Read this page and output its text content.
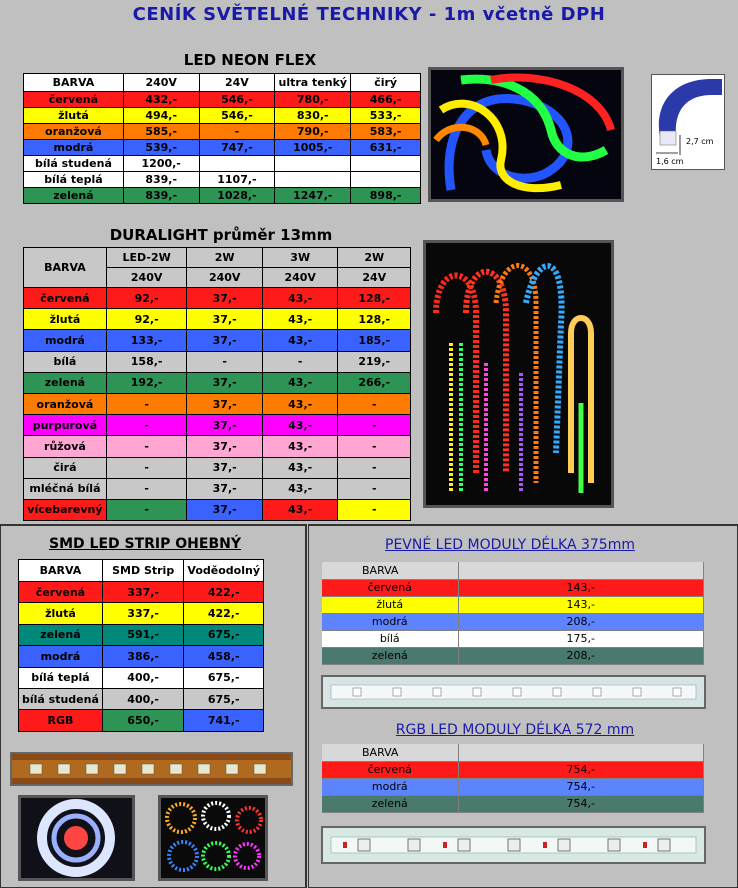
CENÍK SVĚTELNÉ TECHNIKY - 1m včetně DPH
LED NEON FLEX
BARVA	240V	24V	ultra tenký	čirý
červená	432,-	546,-	780,-	466,-
žlutá	494,-	546,-	830,-	533,-
oranžová	585,-	-	790,-	583,-
modrá	539,-	747,-	1005,-	631,-
bílá studená	1200,-			
bílá teplá	839,-	1107,-		
zelená	839,-	1028,-	1247,-	898,-
2,7 cm
1,6 cm
DURALIGHT průměr 13mm
BARVA	LED-2W	2W	3W	2W
	240V	240V	240V	24V
červená	92,-	37,-	43,-	128,-
žlutá	92,-	37,-	43,-	128,-
modrá	133,-	37,-	43,-	185,-
bílá	158,-	-	-	219,-
zelená	192,-	37,-	43,-	266,-
oranžová	-	37,-	43,-	-
purpurová	-	37,-	43,-	-
růžová	-	37,-	43,-	-
čirá	-	37,-	43,-	-
mléčná bílá	-	37,-	43,-	-
vícebarevný	-	37,-	43,-	-
SMD LED STRIP OHEBNÝ
BARVA	SMD Strip	Voděodolný
červená	337,-	422,-
žlutá	337,-	422,-
zelená	591,-	675,-
modrá	386,-	458,-
bílá teplá	400,-	675,-
bílá studená	400,-	675,-
RGB	650,-	741,-
PEVNÉ LED MODULY DÉLKA 375mm
BARVA	
červená	143,-
žlutá	143,-
modrá	208,-
bílá	175,-
zelená	208,-
RGB LED MODULY DÉLKA 572 mm
BARVA	
červená	754,-
modrá	754,-
zelená	754,-
